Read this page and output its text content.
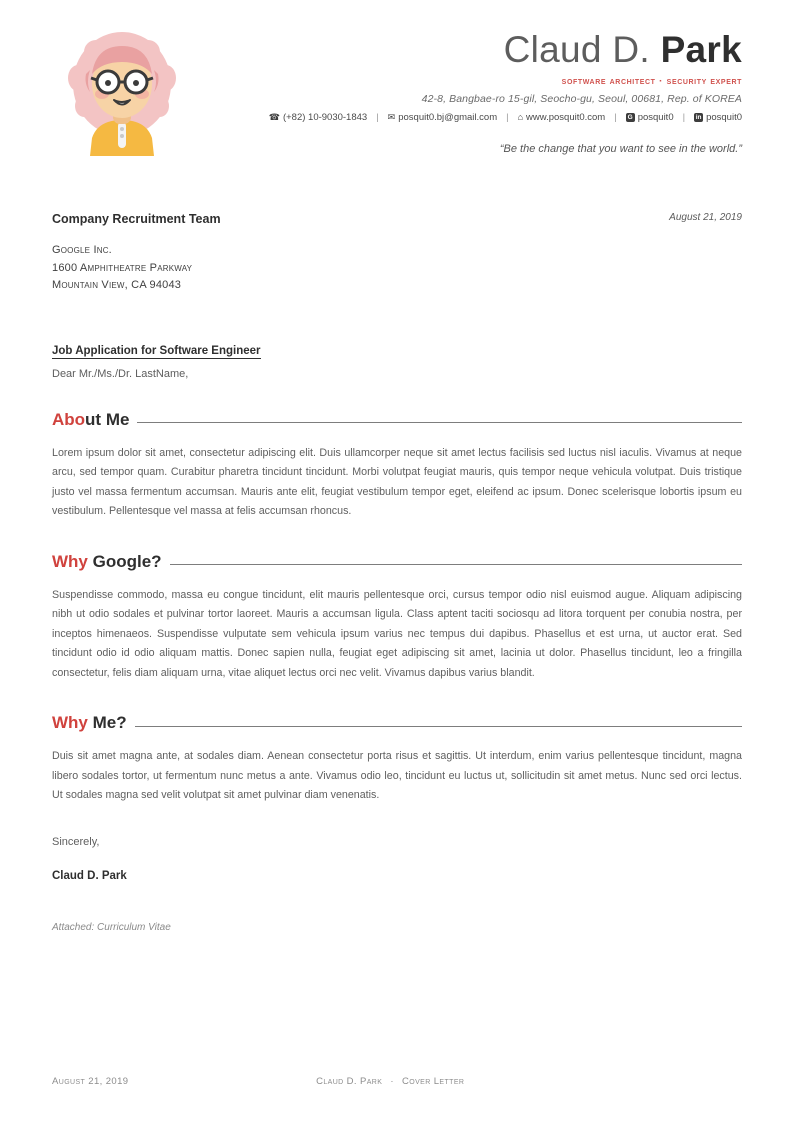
Claud D. Park
software architect · security expert
42-8, Bangbae-ro 15-gil, Seocho-gu, Seoul, 00681, Rep. of KOREA
☎ (+82) 10-9030-1843 |	✉ posquit0.bj@gmail.com |	⌂ www.posquit0.com |	G posquit0 |	in posquit0
“Be the change that you want to see in the world.”
Company Recruitment Team	August 21, 2019
Google Inc.
1600 Amphitheatre Parkway
Mountain View, CA 94043
Job Application for Software Engineer
Dear Mr./Ms./Dr. LastName,
About Me
Lorem ipsum dolor sit amet, consectetur adipiscing elit. Duis ullamcorper neque sit amet lectus facilisis sed luctus nisl iaculis. Vivamus at neque arcu, sed tempor quam. Curabitur pharetra tincidunt tincidunt. Morbi volutpat feugiat mauris, quis tempor neque vehicula volutpat. Duis tristique justo vel massa fermentum accumsan. Mauris ante elit, feugiat vestibulum tempor eget, eleifend ac ipsum. Donec scelerisque lobortis ipsum eu vestibulum. Pellentesque vel massa at felis accumsan rhoncus.
Why Google?
Suspendisse commodo, massa eu congue tincidunt, elit mauris pellentesque orci, cursus tempor odio nisl euismod augue. Aliquam adipiscing nibh ut odio sodales et pulvinar tortor laoreet. Mauris a accumsan ligula. Class aptent taciti sociosqu ad litora torquent per conubia nostra, per inceptos himenaeos. Suspendisse vulputate sem vehicula ipsum varius nec tempus dui dapibus. Phasellus et est urna, ut auctor erat. Sed tincidunt odio id odio aliquam mattis. Donec sapien nulla, feugiat eget adipiscing sit amet, lacinia ut dolor. Phasellus tincidunt, leo a fringilla consectetur, felis diam aliquam urna, vitae aliquet lectus orci nec velit. Vivamus dapibus varius blandit.
Why Me?
Duis sit amet magna ante, at sodales diam. Aenean consectetur porta risus et sagittis. Ut interdum, enim varius pellentesque tincidunt, magna libero sodales tortor, ut fermentum nunc metus a ante. Vivamus odio leo, tincidunt eu luctus ut, sollicitudin sit amet metus. Nunc sed orci lectus. Ut sodales magna sed velit volutpat sit amet pulvinar diam venenatis.
Sincerely,
Claud D. Park
Attached: Curriculum Vitae
August 21, 2019	Claud D. Park · Cover Letter
